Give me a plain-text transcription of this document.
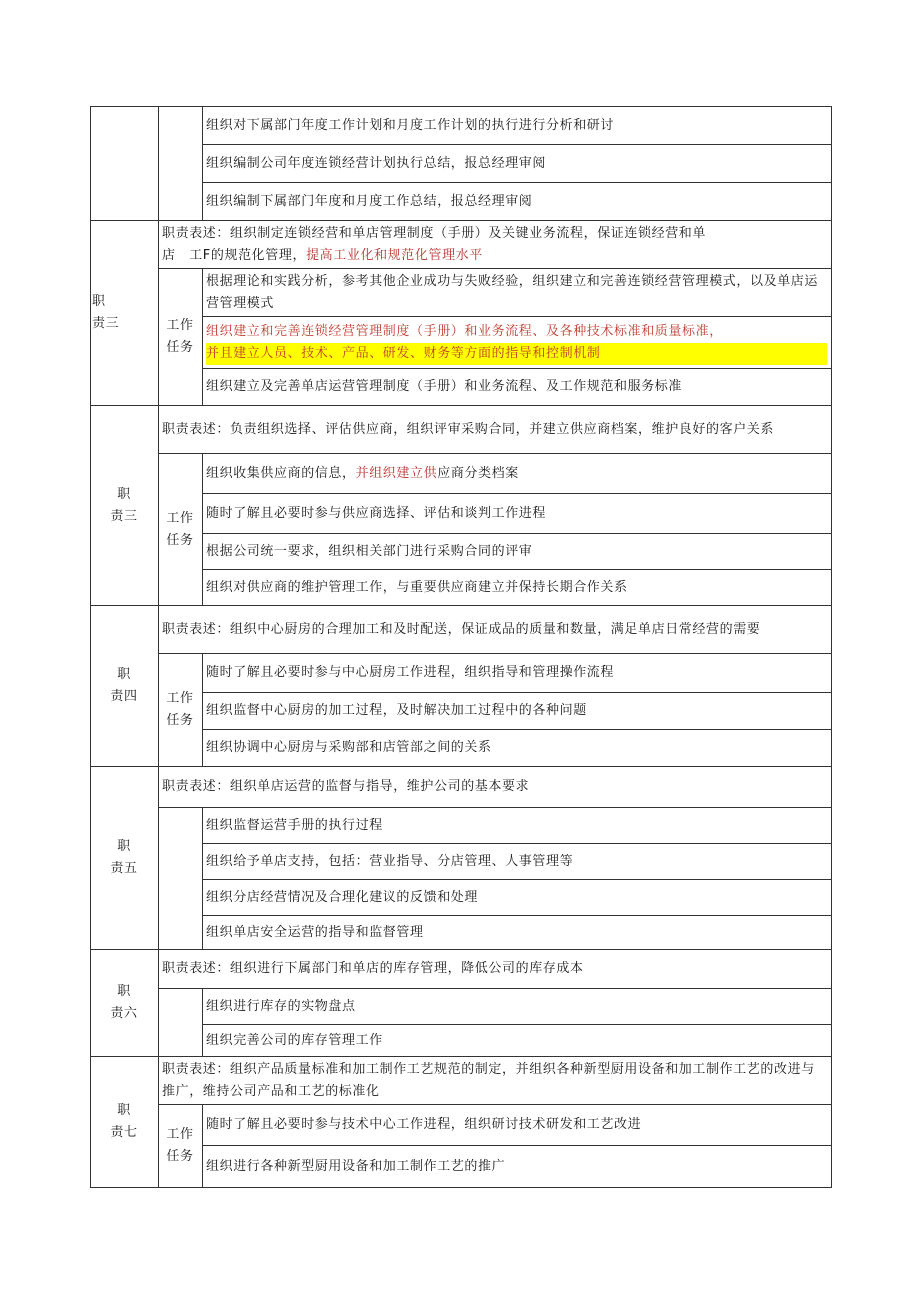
		组织对下属部门年度工作计划和月度工作计划的执行进行分析和研讨
		组织编制公司年度连锁经营计划执行总结，报总经理审阅
		组织编制下属部门年度和月度工作总结，报总经理审阅
职
责三	职责表述：组织制定连锁经营和单店管理制度（手册）及关键业务流程，保证连锁经营和单
店　工F的规范化管理，提高工业化和规范化管理水平	
	工作
任务	根据理论和实践分析，参考其他企业成功与失败经验，组织建立和完善连锁经营管理模式，以及单店运营管理模式

		组织建立和完善连锁经营管理制度（手册）和业务流程、及各种技术标准和质量标准，
并且建立人员、技术、产品、研发、财务等方面的指导和控制机制

		组织建立及完善单店运营管理制度（手册）和业务流程、及工作规范和服务标准
职
责三	职责表述：负责组织选择、评估供应商，组织评审采购合同，并建立供应商档案，维护良好的客户关系	
	工作
任务	组织收集供应商的信息，并组织建立供应商分类档案
		随时了解且必要时参与供应商选择、评估和谈判工作进程
		根据公司统一要求，组织相关部门进行采购合同的评审
		组织对供应商的维护管理工作，与重要供应商建立并保持长期合作关系
职
责四	职责表述：组织中心厨房的合理加工和及时配送，保证成品的质量和数量，满足单店日常经营的需要	
	工作
任务	随时了解且必要时参与中心厨房工作进程，组织指导和管理操作流程
		组织监督中心厨房的加工过程，及时解决加工过程中的各种问题
		组织协调中心厨房与采购部和店管部之间的关系
职
责五	职责表述：组织单店运营的监督与指导，维护公司的基本要求	
		组织监督运营手册的执行过程
		组织给予单店支持，包括：营业指导、分店管理、人事管理等
		组织分店经营情况及合理化建议的反馈和处理
		组织单店安全运营的指导和监督管理
职
责六	职责表述：组织进行下属部门和单店的库存管理，降低公司的库存成本	
		组织进行库存的实物盘点
		组织完善公司的库存管理工作
职
责七	职责表述：组织产品质量标准和加工制作工艺规范的制定，并组织各种新型厨用设备和加工制作工艺的改进与推广，维持公司产品和工艺的标准化	
	工作
任务	随时了解且必要时参与技术中心工作进程，组织研讨技术研发和工艺改进
		组织进行各种新型厨用设备和加工制作工艺的推广
